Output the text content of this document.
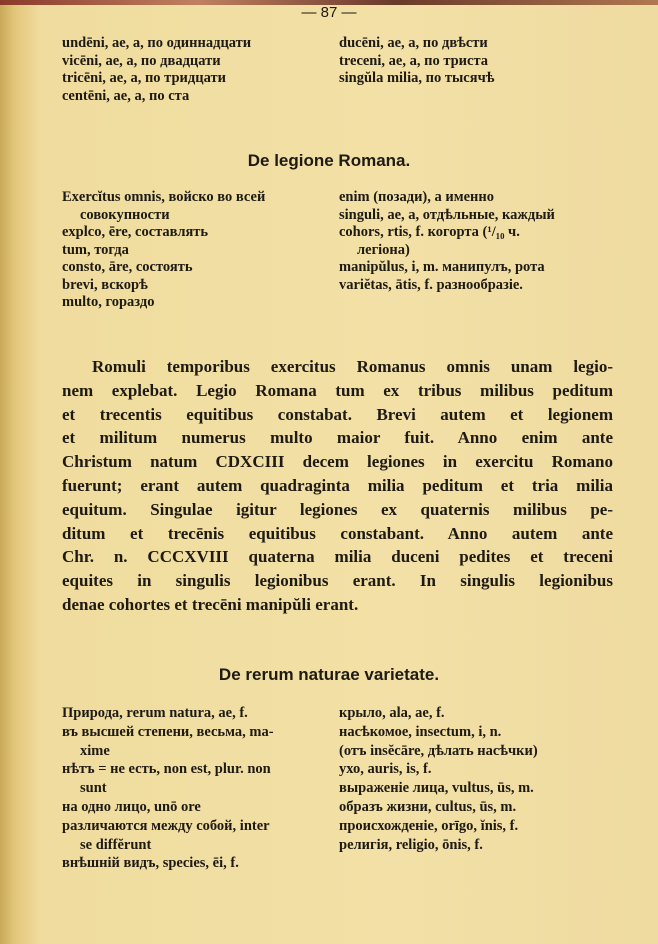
— 87 —
undēni, ae, a, по одиннадцати
vicēni, ae, a, по двадцати
tricēni, ae, a, по тридцати
centēni, ae, a, по ста
ducēni, ae, a, по двѣсти
treceni, ae, a, по триста
singŭla milia, по тысячѣ
De legione Romana.
Exercĭtus omnis, войско во всей
совокупности
explco, ēre, составлять
tum, тогда
consto, āre, состоять
brevi, вскорѣ
multo, гораздо
enim (позади), а именно
singuli, ae, a, отдѣльные, каждый
cohors, rtis, f. когорта (¹/₁₀ ч.
легіона)
manipŭlus, i, m. манипулъ, рота
variĕtas, ātis, f. разнообразіе.
Romuli temporibus exercitus Romanus omnis unam legio-
nem explebat. Legio Romana tum ex tribus milibus peditum
et trecentis equitibus constabat. Brevi autem et legionem
et militum numerus multo maior fuit. Anno enim ante
Christum natum CDXCIII decem legiones in exercitu Romano
fuerunt; erant autem quadraginta milia peditum et tria milia
equitum. Singulae igitur legiones ex quaternis milibus pe-
ditum et trecēnis equitibus constabant. Anno autem ante
Chr. n. CCCXVIII quaterna milia duceni pedites et treceni
equites in singulis legionibus erant. In singulis legionibus
denae cohortes et trecēni manipŭli erant.
De rerum naturae varietate.
Природа, rerum natura, ae, f.
въ высшей степени, весьма, ma-
xime
нѣтъ = не есть, non est, plur. non
sunt
на одно лицо, unō ore
различаются между собой, inter
se diffĕrunt
внѣшній видъ, species, ēi, f.
крыло, ala, ae, f.
насѣкомое, insectum, i, n.
(отъ insĕcāre, дѣлать насѣчки)
ухо, auris, is, f.
выраженіе лица, vultus, ūs, m.
образъ жизни, cultus, ūs, m.
происхожденіе, orīgo, ĭnis, f.
религія, religio, ōnis, f.
